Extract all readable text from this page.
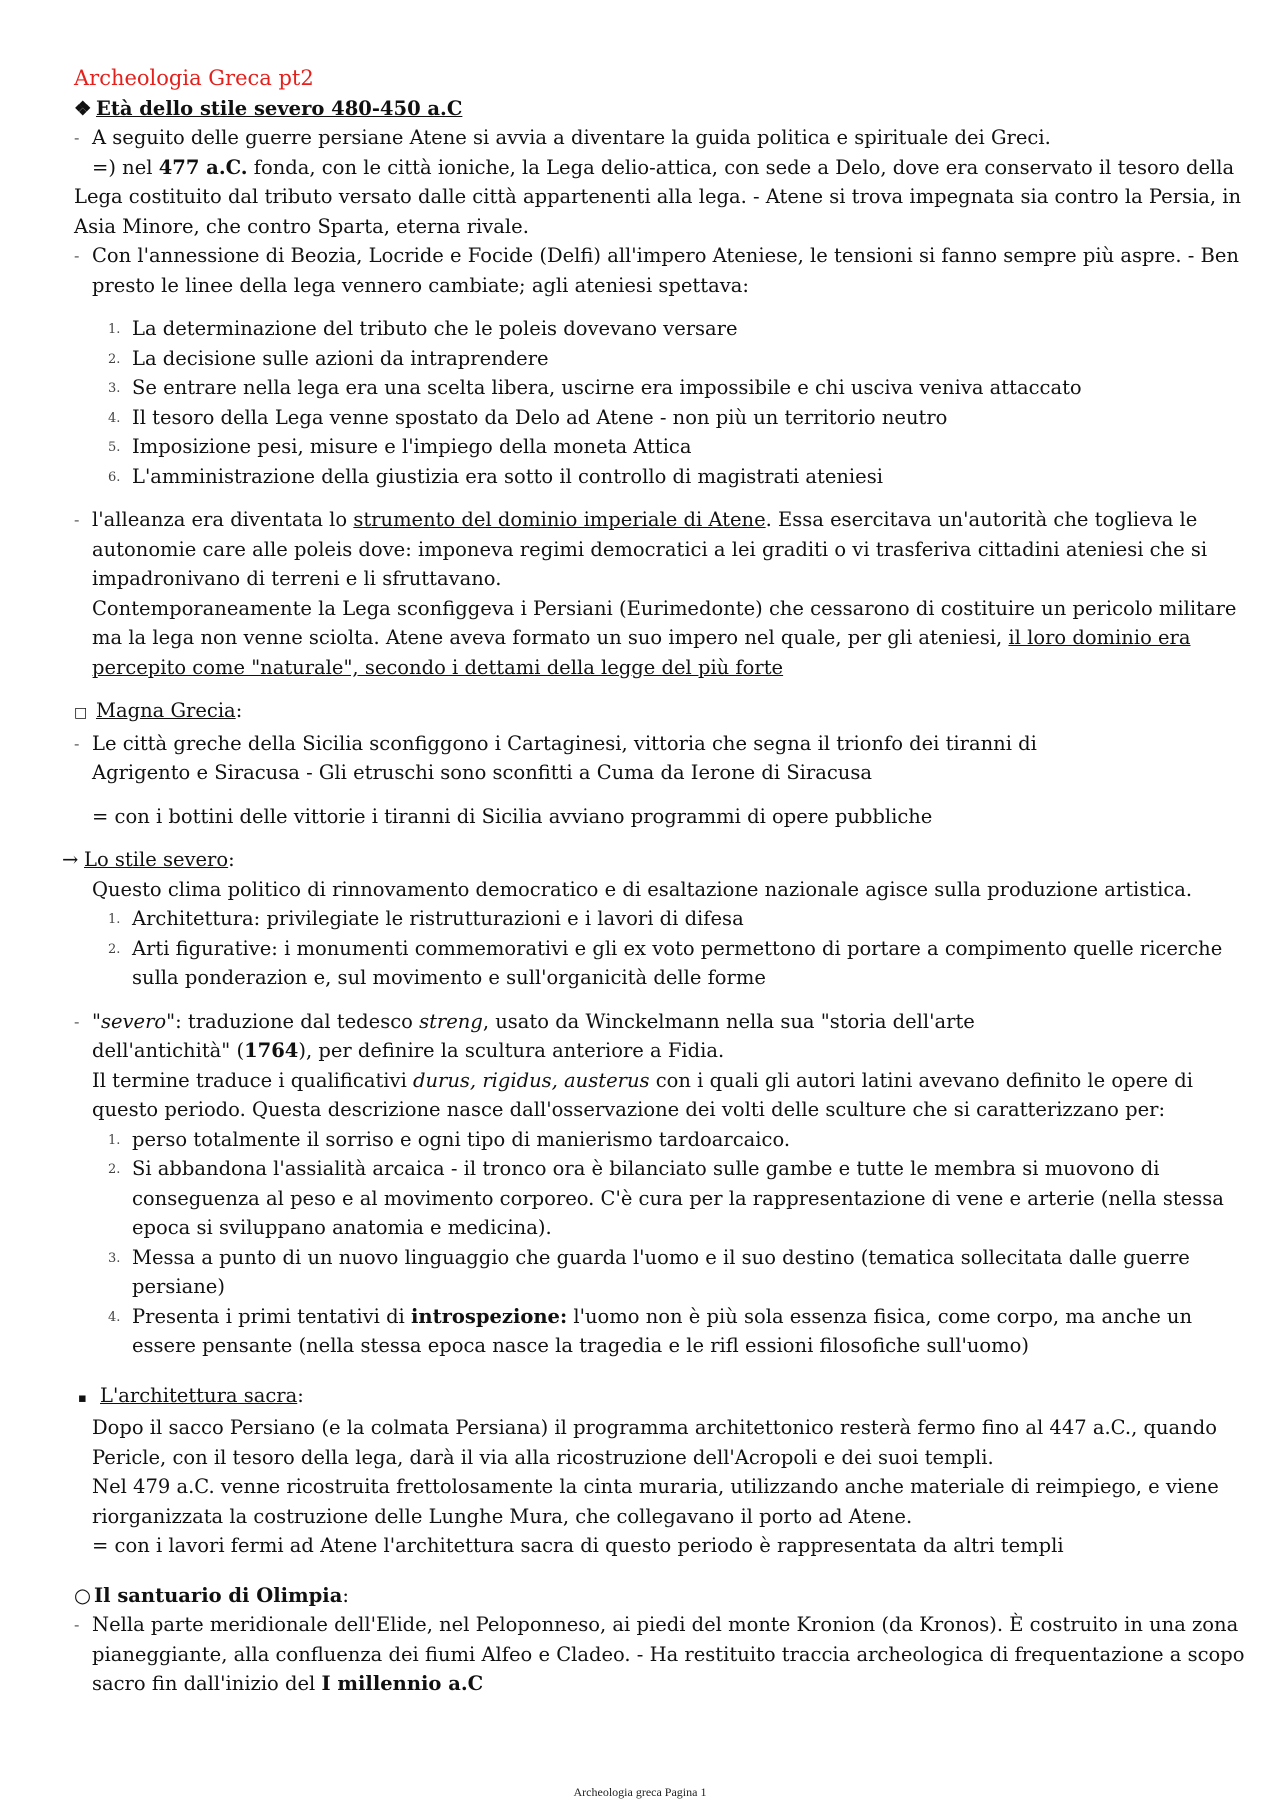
Archeologia Greca pt2
❖ Età dello stile severo 480-450 a.C
- A seguito delle guerre persiane Atene si avvia a diventare la guida politica e spirituale dei Greci.
=) nel 477 a.C. fonda, con le città ioniche, la Lega delio-attica, con sede a Delo, dove era conservato il tesoro della
Lega costituito dal tributo versato dalle città appartenenti alla lega. - Atene si trova impegnata sia contro la Persia, in
Asia Minore, che contro Sparta, eterna rivale.
- Con l'annessione di Beozia, Locride e Focide (Delfi) all'impero Ateniese, le tensioni si fanno sempre più aspre. - Ben
presto le linee della lega vennero cambiate; agli ateniesi spettava:
1. La determinazione del tributo che le poleis dovevano versare
2. La decisione sulle azioni da intraprendere
3. Se entrare nella lega era una scelta libera, uscirne era impossibile e chi usciva veniva attaccato
4. Il tesoro della Lega venne spostato da Delo ad Atene - non più un territorio neutro
5. Imposizione pesi, misure e l'impiego della moneta Attica
6. L'amministrazione della giustizia era sotto il controllo di magistrati ateniesi
- l'alleanza era diventata lo strumento del dominio imperiale di Atene. Essa esercitava un'autorità che toglieva le
autonomie care alle poleis dove: imponeva regimi democratici a lei graditi o vi trasferiva cittadini ateniesi che si
impadronivano di terreni e li sfruttavano.
Contemporaneamente la Lega sconfiggeva i Persiani (Eurimedonte) che cessarono di costituire un pericolo militare
ma la lega non venne sciolta. Atene aveva formato un suo impero nel quale, per gli ateniesi, il loro dominio era
percepito come "naturale", secondo i dettami della legge del più forte
□ Magna Grecia:
- Le città greche della Sicilia sconfiggono i Cartaginesi, vittoria che segna il trionfo dei tiranni di
Agrigento e Siracusa - Gli etruschi sono sconfitti a Cuma da Ierone di Siracusa
= con i bottini delle vittorie i tiranni di Sicilia avviano programmi di opere pubbliche
→ Lo stile severo:
Questo clima politico di rinnovamento democratico e di esaltazione nazionale agisce sulla produzione artistica.
1. Architettura: privilegiate le ristrutturazioni e i lavori di difesa
2. Arti figurative: i monumenti commemorativi e gli ex voto permettono di portare a compimento quelle ricerche
sulla ponderazion e, sul movimento e sull'organicità delle forme
- "severo": traduzione dal tedesco streng, usato da Winckelmann nella sua "storia dell'arte
dell'antichità" (1764), per definire la scultura anteriore a Fidia.
Il termine traduce i qualificativi durus, rigidus, austerus con i quali gli autori latini avevano definito le opere di
questo periodo. Questa descrizione nasce dall'osservazione dei volti delle sculture che si caratterizzano per:
1. perso totalmente il sorriso e ogni tipo di manierismo tardoarcaico.
2. Si abbandona l'assialità arcaica - il tronco ora è bilanciato sulle gambe e tutte le membra si muovono di
conseguenza al peso e al movimento corporeo. C'è cura per la rappresentazione di vene e arterie (nella stessa
epoca si sviluppano anatomia e medicina).
3. Messa a punto di un nuovo linguaggio che guarda l'uomo e il suo destino (tematica sollecitata dalle guerre
persiane)
4. Presenta i primi tentativi di introspezione: l'uomo non è più sola essenza fisica, come corpo, ma anche un
essere pensante (nella stessa epoca nasce la tragedia e le rifl essioni filosofiche sull'uomo)
▪ L'architettura sacra:
Dopo il sacco Persiano (e la colmata Persiana) il programma architettonico resterà fermo fino al 447 a.C., quando
Pericle, con il tesoro della lega, darà il via alla ricostruzione dell'Acropoli e dei suoi templi.
Nel 479 a.C. venne ricostruita frettolosamente la cinta muraria, utilizzando anche materiale di reimpiego, e viene
riorganizzata la costruzione delle Lunghe Mura, che collegavano il porto ad Atene.
= con i lavori fermi ad Atene l'architettura sacra di questo periodo è rappresentata da altri templi
○ Il santuario di Olimpia:
- Nella parte meridionale dell'Elide, nel Peloponneso, ai piedi del monte Kronion (da Kronos). È costruito in una zona
pianeggiante, alla confluenza dei fiumi Alfeo e Cladeo. - Ha restituito traccia archeologica di frequentazione a scopo
sacro fin dall'inizio del I millennio a.C
Archeologia greca Pagina 1
